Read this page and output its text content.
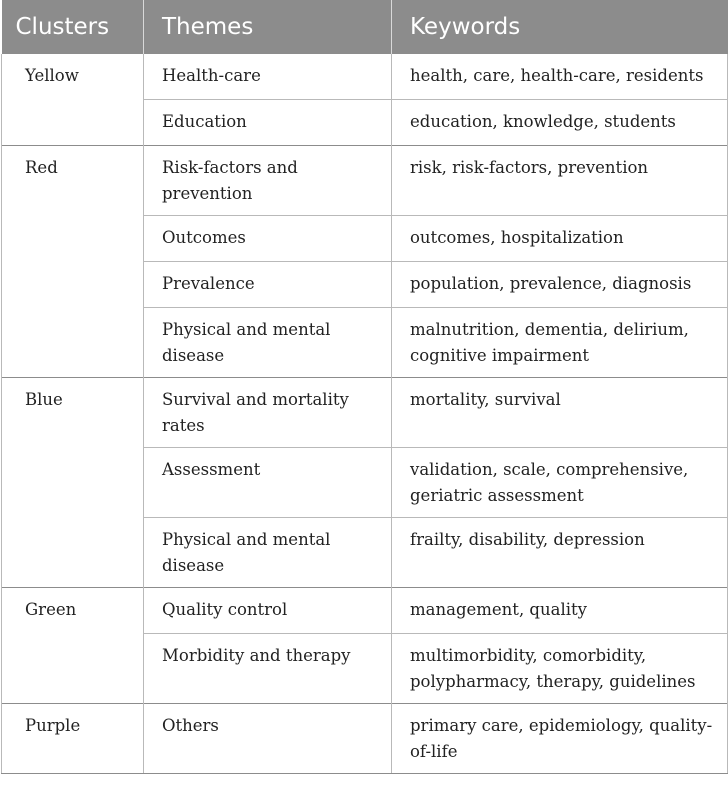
Clusters	Themes	Keywords
Yellow	Health-care	health, care, health-care, residents
	Education	education, knowledge, students
Red	Risk-factors and prevention	risk, risk-factors, prevention
	Outcomes	outcomes, hospitalization
	Prevalence	population, prevalence, diagnosis
	Physical and mental disease	malnutrition, dementia, delirium, cognitive impairment
Blue	Survival and mortality rates	mortality, survival
	Assessment	validation, scale, comprehensive, geriatric assessment
	Physical and mental disease	frailty, disability, depression
Green	Quality control	management, quality
	Morbidity and therapy	multimorbidity, comorbidity, polypharmacy, therapy, guidelines
Purple	Others	primary care, epidemiology, quality-of-life
